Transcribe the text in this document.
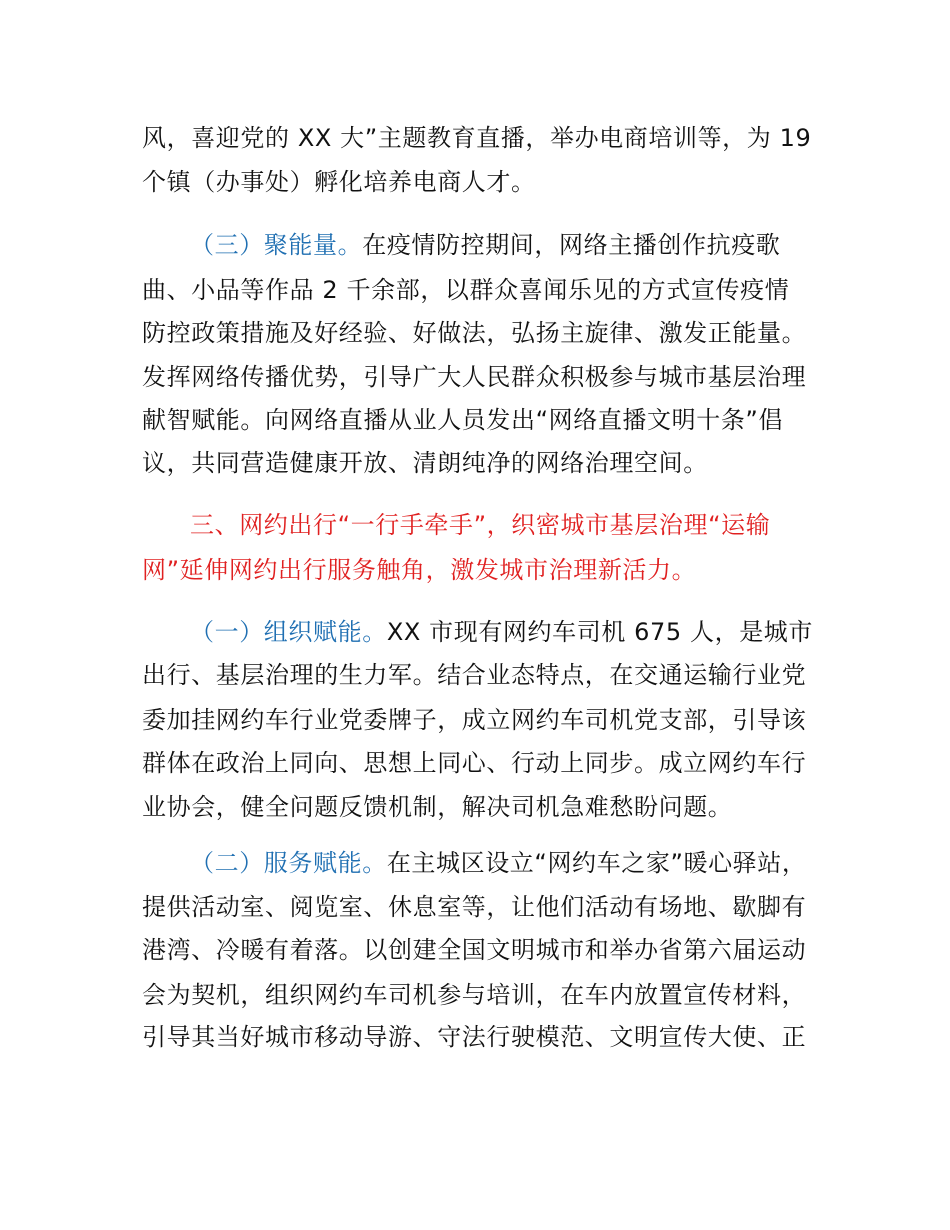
风，喜迎党的 XX 大”主题教育直播，举办电商培训等，为 19
个镇（办事处）孵化培养电商人才。
（三）聚能量。在疫情防控期间，网络主播创作抗疫歌
曲、小品等作品 2 千余部，以群众喜闻乐见的方式宣传疫情
防控政策措施及好经验、好做法，弘扬主旋律、激发正能量。
发挥网络传播优势，引导广大人民群众积极参与城市基层治理
献智赋能。向网络直播从业人员发出“网络直播文明十条”倡
议，共同营造健康开放、清朗纯净的网络治理空间。
三、网约出行“一行手牵手”，织密城市基层治理“运输
网”延伸网约出行服务触角，激发城市治理新活力。
（一）组织赋能。XX 市现有网约车司机 675 人，是城市
出行、基层治理的生力军。结合业态特点，在交通运输行业党
委加挂网约车行业党委牌子，成立网约车司机党支部，引导该
群体在政治上同向、思想上同心、行动上同步。成立网约车行
业协会，健全问题反馈机制，解决司机急难愁盼问题。
（二）服务赋能。在主城区设立“网约车之家”暖心驿站，
提供活动室、阅览室、休息室等，让他们活动有场地、歇脚有
港湾、冷暖有着落。以创建全国文明城市和举办省第六届运动
会为契机，组织网约车司机参与培训，在车内放置宣传材料，
引导其当好城市移动导游、守法行驶模范、文明宣传大使、正
